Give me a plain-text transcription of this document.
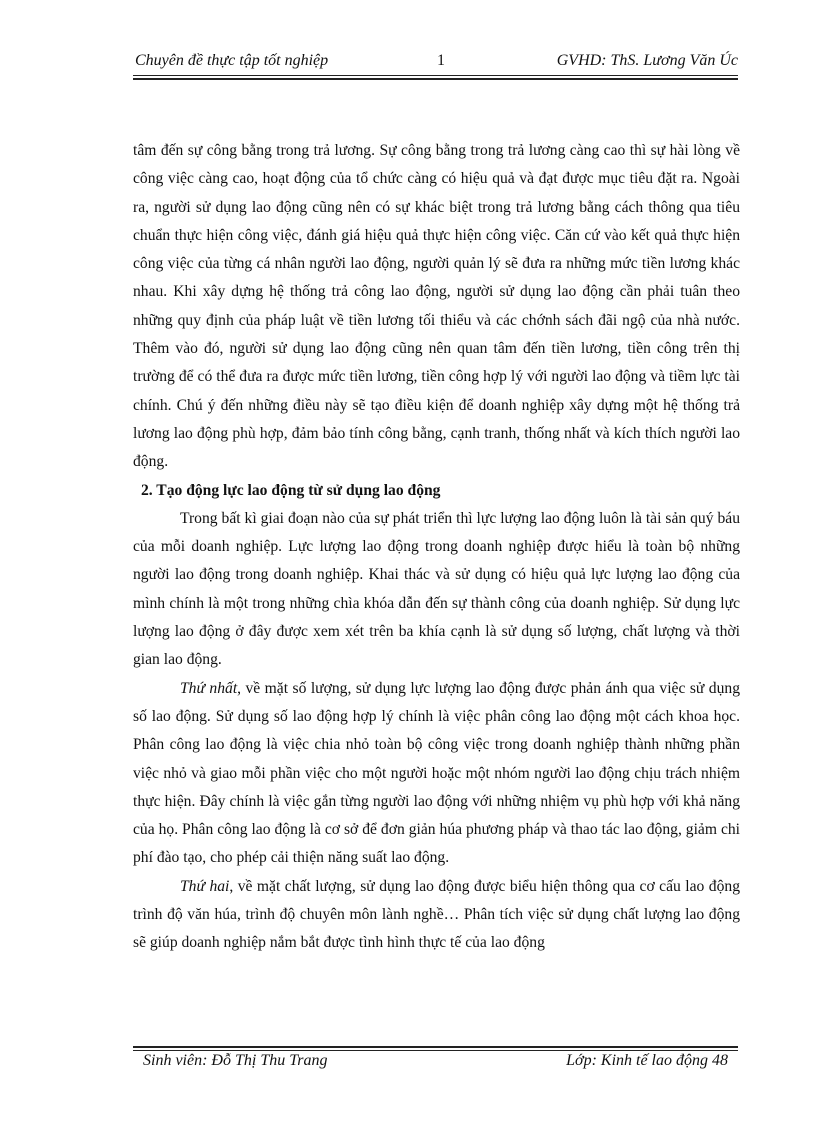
Chuyên đề thực tập tốt nghiệp	1	GVHD: ThS. Lương Văn Úc

tâm đến sự công bằng trong trả lương. Sự công bằng trong trả lương càng cao thì sự hài lòng về công việc càng cao, hoạt động của tổ chức càng có hiệu quả và đạt được mục tiêu đặt ra. Ngoài ra, người sử dụng lao động cũng nên có sự khác biệt trong trả lương bằng cách thông qua tiêu chuẩn thực hiện công việc, đánh giá hiệu quả thực hiện công việc. Căn cứ vào kết quả thực hiện công việc của từng cá nhân người lao động, người quản lý sẽ đưa ra những mức tiền lương khác nhau. Khi xây dựng hệ thống trả công lao động, người sử dụng lao động cần phải tuân theo những quy định của pháp luật về tiền lương tối thiểu và các chớnh sách đãi ngộ của nhà nước. Thêm vào đó, người sử dụng lao động cũng nên quan tâm đến tiền lương, tiền công trên thị trường để có thể đưa ra được mức tiền lương, tiền công hợp lý với người lao động và tiềm lực tài chính. Chú ý đến những điều này sẽ tạo điều kiện để doanh nghiệp xây dựng một hệ thống trả lương lao động phù hợp, đảm bảo tính công bằng, cạnh tranh, thống nhất và kích thích người lao động.

2. Tạo động lực lao động từ sử dụng lao động

Trong bất kì giai đoạn nào của sự phát triển thì lực lượng lao động luôn là tài sản quý báu của mỗi doanh nghiệp. Lực lượng lao động trong doanh nghiệp được hiểu là toàn bộ những người lao động trong doanh nghiệp. Khai thác và sử dụng có hiệu quả lực lượng lao động của mình chính là một trong những chìa khóa dẫn đến sự thành công của doanh nghiệp. Sử dụng lực lượng lao động ở đây được xem xét trên ba khía cạnh là sử dụng số lượng, chất lượng và thời gian lao động.

Thứ nhất, về mặt số lượng, sử dụng lực lượng lao động được phản ánh qua việc sử dụng số lao động. Sử dụng số lao động hợp lý chính là việc phân công lao động một cách khoa học. Phân công lao động là việc chia nhỏ toàn bộ công việc trong doanh nghiệp thành những phần việc nhỏ và giao mỗi phần việc cho một người hoặc một nhóm người lao động chịu trách nhiệm thực hiện. Đây chính là việc gắn từng người lao động với những nhiệm vụ phù hợp với khả năng của họ. Phân công lao động là cơ sở để đơn giản húa phương pháp và thao tác lao động, giảm chi phí đào tạo, cho phép cải thiện năng suất lao động.

Thứ hai, về mặt chất lượng, sử dụng lao động được biểu hiện thông qua cơ cấu lao động trình độ văn húa, trình độ chuyên môn lành nghề… Phân tích việc sử dụng chất lượng lao động sẽ giúp doanh nghiệp nắm bắt được tình hình thực tế của lao động

Sinh viên: Đỗ Thị Thu Trang	Lớp: Kinh tế lao động 48
